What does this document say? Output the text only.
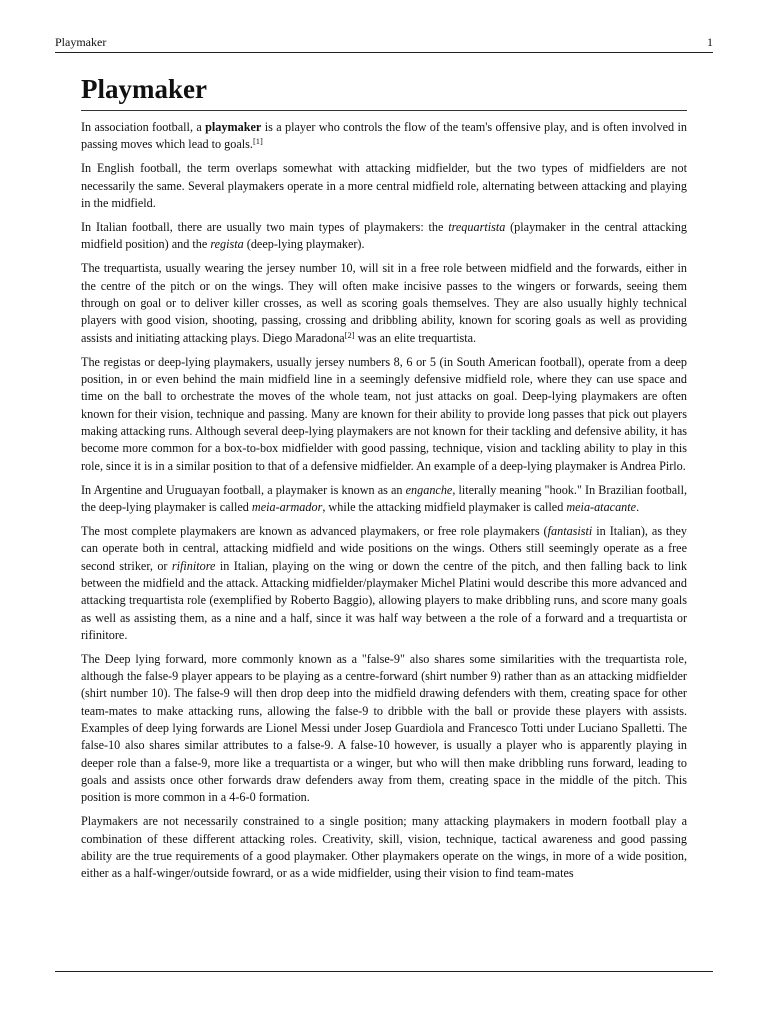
Playmaker	1
Playmaker

In association football, a playmaker is a player who controls the flow of the team's offensive play, and is often involved in passing moves which lead to goals.[1]

In English football, the term overlaps somewhat with attacking midfielder, but the two types of midfielders are not necessarily the same. Several playmakers operate in a more central midfield role, alternating between attacking and playing in the midfield.

In Italian football, there are usually two main types of playmakers: the trequartista (playmaker in the central attacking midfield position) and the regista (deep-lying playmaker).

The trequartista, usually wearing the jersey number 10, will sit in a free role between midfield and the forwards, either in the centre of the pitch or on the wings. They will often make incisive passes to the wingers or forwards, seeing them through on goal or to deliver killer crosses, as well as scoring goals themselves. They are also usually highly technical players with good vision, shooting, passing, crossing and dribbling ability, known for scoring goals as well as providing assists and initiating attacking plays. Diego Maradona[2] was an elite trequartista.

The registas or deep-lying playmakers, usually jersey numbers 8, 6 or 5 (in South American football), operate from a deep position, in or even behind the main midfield line in a seemingly defensive midfield role, where they can use space and time on the ball to orchestrate the moves of the whole team, not just attacks on goal. Deep-lying playmakers are often known for their vision, technique and passing. Many are known for their ability to provide long passes that pick out players making attacking runs. Although several deep-lying playmakers are not known for their tackling and defensive ability, it has become more common for a box-to-box midfielder with good passing, technique, vision and tackling ability to play in this role, since it is in a similar position to that of a defensive midfielder. An example of a deep-lying playmaker is Andrea Pirlo.

In Argentine and Uruguayan football, a playmaker is known as an enganche, literally meaning "hook." In Brazilian football, the deep-lying playmaker is called meia-armador, while the attacking midfield playmaker is called meia-atacante.

The most complete playmakers are known as advanced playmakers, or free role playmakers (fantasisti in Italian), as they can operate both in central, attacking midfield and wide positions on the wings. Others still seemingly operate as a free second striker, or rifinitore in Italian, playing on the wing or down the centre of the pitch, and then falling back to link between the midfield and the attack. Attacking midfielder/playmaker Michel Platini would describe this more advanced and attacking trequartista role (exemplified by Roberto Baggio), allowing players to make dribbling runs, and score many goals as well as assisting them, as a nine and a half, since it was half way between a the role of a forward and a trequartista or rifinitore.

The Deep lying forward, more commonly known as a "false-9" also shares some similarities with the trequartista role, although the false-9 player appears to be playing as a centre-forward (shirt number 9) rather than as an attacking midfielder (shirt number 10). The false-9 will then drop deep into the midfield drawing defenders with them, creating space for other team-mates to make attacking runs, allowing the false-9 to dribble with the ball or provide these players with assists. Examples of deep lying forwards are Lionel Messi under Josep Guardiola and Francesco Totti under Luciano Spalletti. The false-10 also shares similar attributes to a false-9. A false-10 however, is usually a player who is apparently playing in deeper role than a false-9, more like a trequartista or a winger, but who will then make dribbling runs forward, leading to goals and assists once other forwards draw defenders away from them, creating space in the middle of the pitch. This position is more common in a 4-6-0 formation.

Playmakers are not necessarily constrained to a single position; many attacking playmakers in modern football play a combination of these different attacking roles. Creativity, skill, vision, technique, tactical awareness and good passing ability are the true requirements of a good playmaker. Other playmakers operate on the wings, in more of a wide position, either as a half-winger/outside fowrard, or as a wide midfielder, using their vision to find team-mates
